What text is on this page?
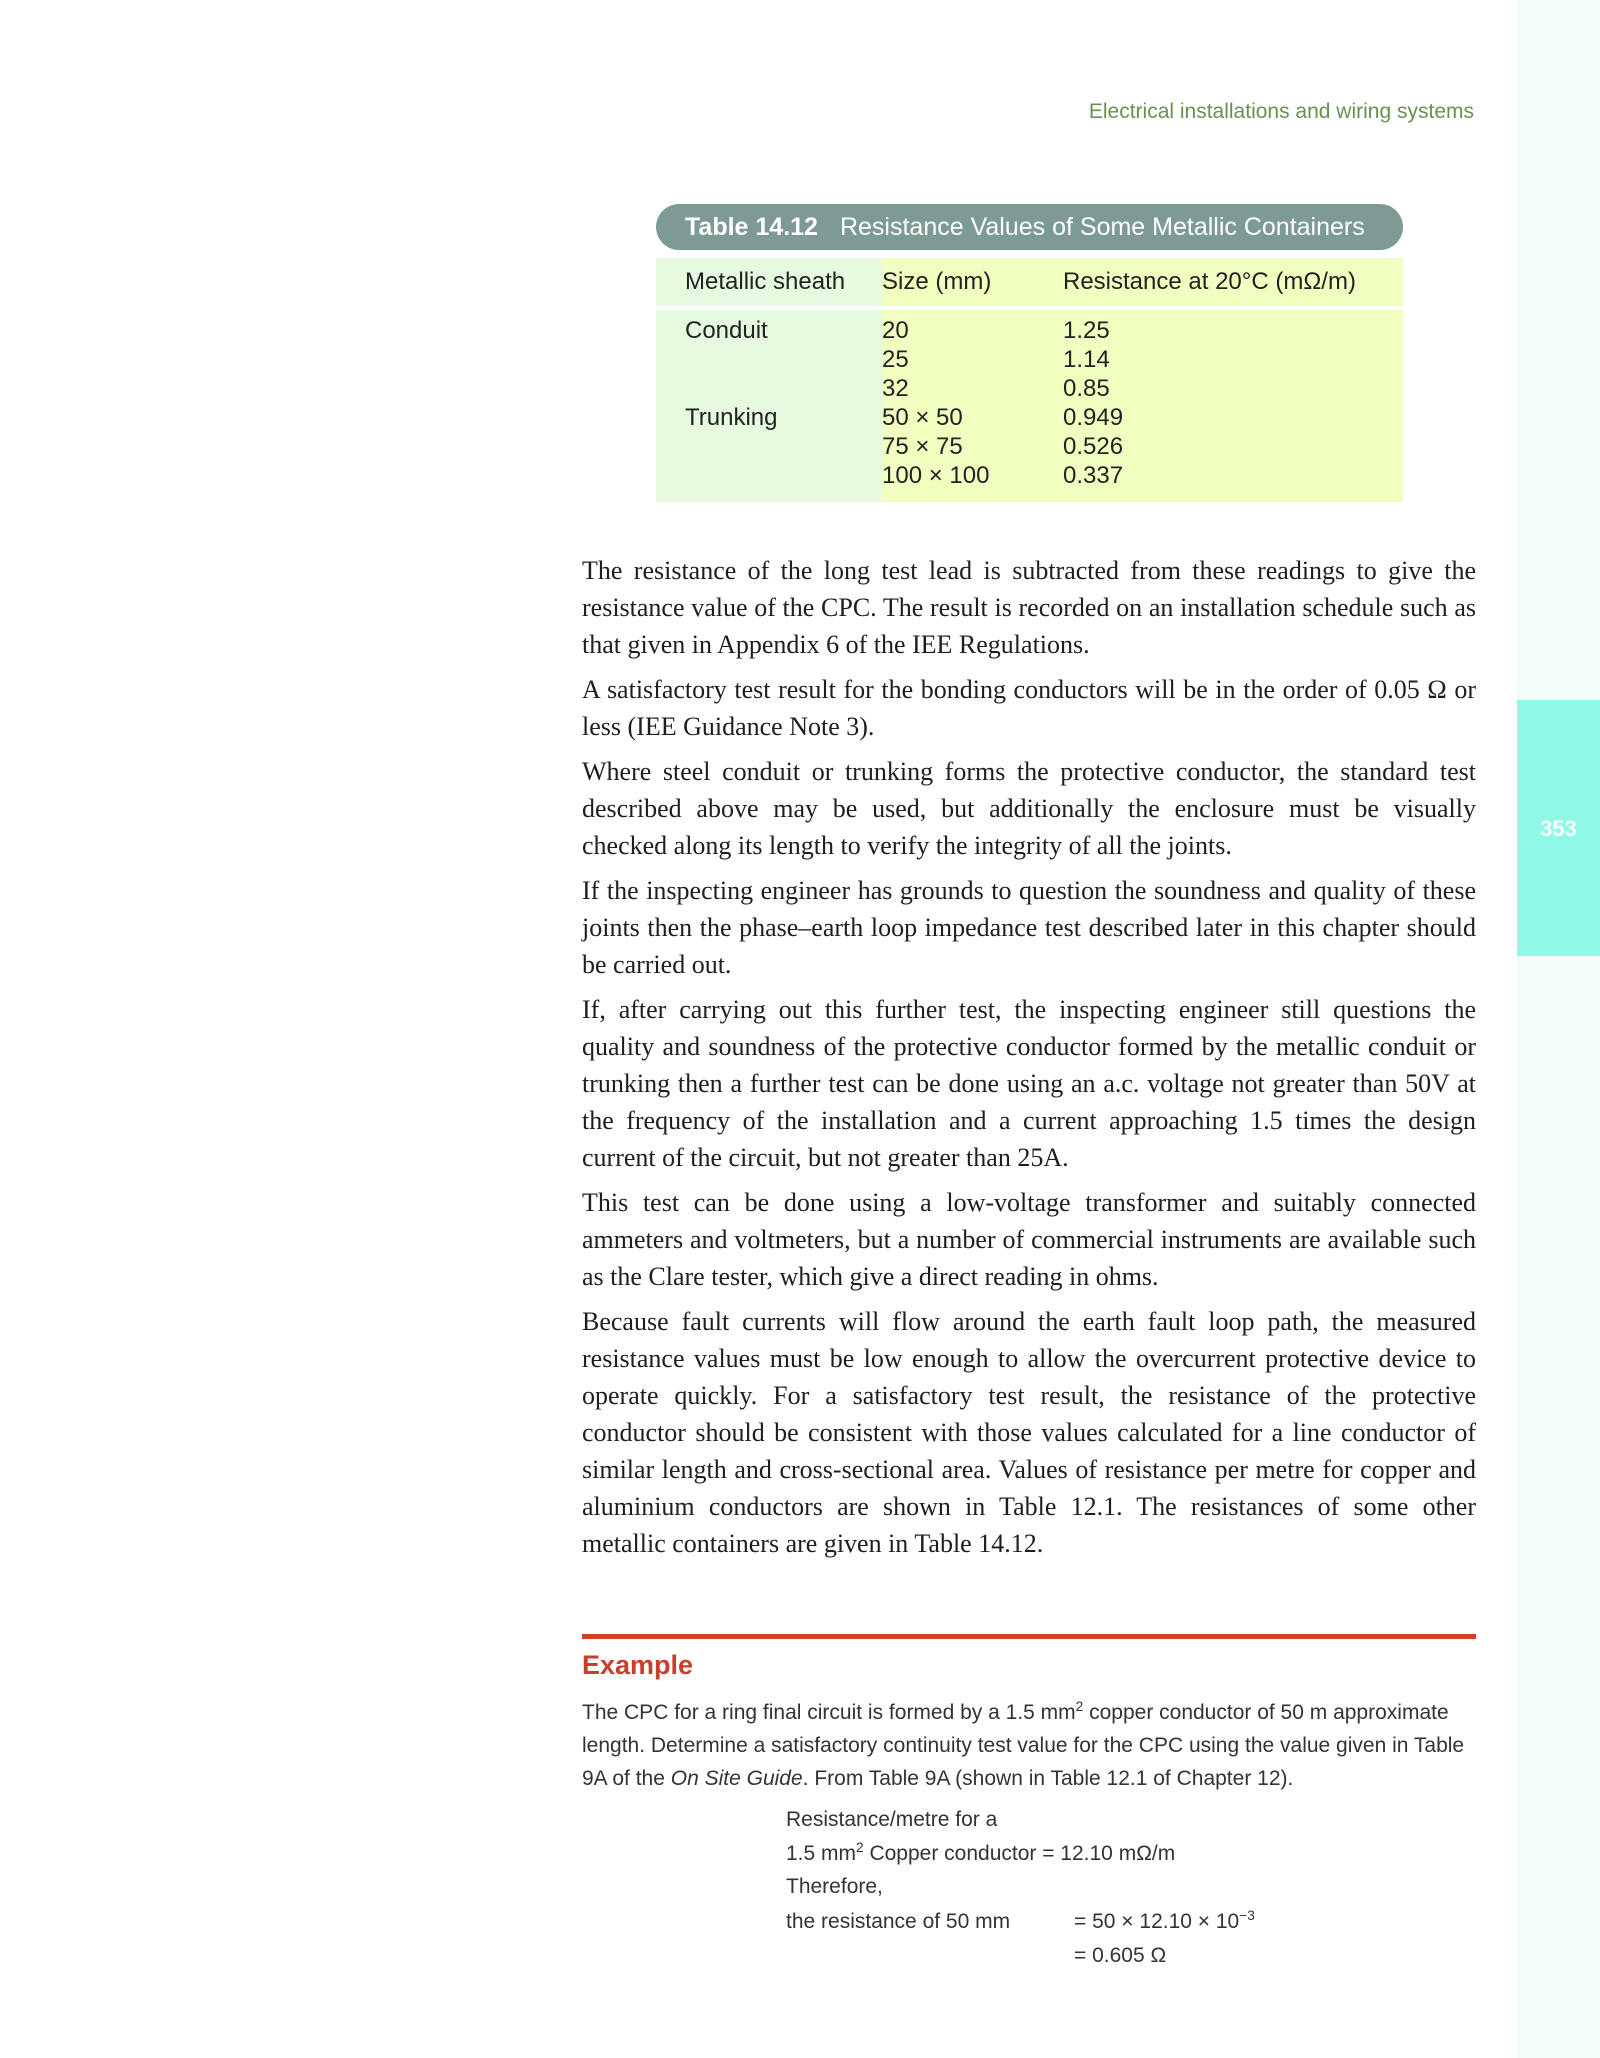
Electrical installations and wiring systems
353
Table 14.12 Resistance Values of Some Metallic Containers
Metallic sheath Size (mm)	Resistance at 20°C (mΩ/m)
Conduit	20	1.25
25	1.14
32	0.85
Trunking	50 × 50	0.949
75 × 75	0.526
100 × 100	0.337

The resistance of the long test lead is subtracted from these readings to give the resistance value of the CPC. The result is recorded on an installation schedule such as that given in Appendix 6 of the IEE Regulations.

A satisfactory test result for the bonding conductors will be in the order of 0.05 Ω or less (IEE Guidance Note 3).

Where steel conduit or trunking forms the protective conductor, the standard test described above may be used, but additionally the enclosure must be visually checked along its length to verify the integrity of all the joints.

If the inspecting engineer has grounds to question the soundness and quality of these joints then the phase–earth loop impedance test described later in this chapter should be carried out.

If, after carrying out this further test, the inspecting engineer still questions the quality and soundness of the protective conductor formed by the metallic conduit or trunking then a further test can be done using an a.c. voltage not greater than 50V at the frequency of the installation and a current approaching 1.5 times the design current of the circuit, but not greater than 25A.

This test can be done using a low-voltage transformer and suitably connected ammeters and voltmeters, but a number of commercial instruments are available such as the Clare tester, which give a direct reading in ohms.

Because fault currents will flow around the earth fault loop path, the measured resistance values must be low enough to allow the overcurrent protective device to operate quickly. For a satisfactory test result, the resistance of the protective conductor should be consistent with those values calculated for a line conductor of similar length and cross-sectional area. Values of resistance per metre for copper and aluminium conductors are shown in Table 12.1. The resistances of some other metallic containers are given in Table 14.12.

Example

The CPC for a ring final circuit is formed by a 1.5 $mm^2$ copper conductor of 50 m approximate length. Determine a satisfactory continuity test value for the CPC using the value given in Table 9A of the On Site Guide. From Table 9A (shown in Table 12.1 of Chapter 12).

Resistance/metre for a
1.5 $mm^2$ Copper conductor = 12.10 mΩ/m
Therefore,
the resistance of 50 mm	= $50 \times 12.10 \times 10^{-3}$
= 0.605 Ω
